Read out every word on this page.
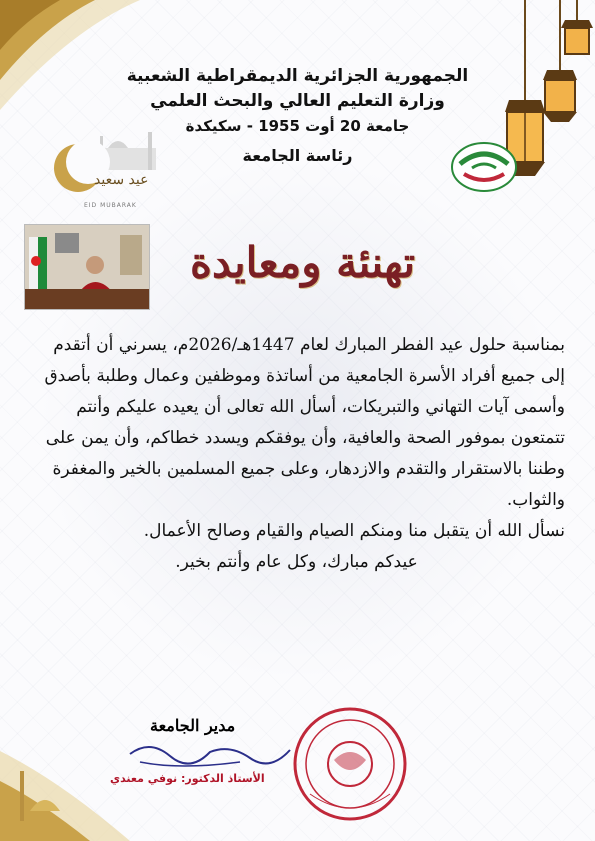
الجمهورية الجزائرية الديمقراطية الشعبية
وزارة التعليم العالي والبحث العلمي
جامعة 20 أوت 1955 - سكيكدة
رئاسة الجامعة
عيد سعيد
EID MUBARAK
تهنئة ومعايدة

بمناسبة حلول عيد الفطر المبارك لعام 1447هـ/2026م، يسرني أن أتقدم إلى جميع أفراد الأسرة الجامعية من أساتذة وموظفين وعمال وطلبة بأصدق وأسمى آيات التهاني والتبريكات، أسأل الله تعالى أن يعيده عليكم وأنتم تتمتعون بموفور الصحة والعافية، وأن يوفقكم ويسدد خطاكم، وأن يمن على وطننا بالاستقرار والتقدم والازدهار، وعلى جميع المسلمين بالخير والمغفرة والثواب.

نسأل الله أن يتقبل منا ومنكم الصيام والقيام وصالح الأعمال.

عيدكم مبارك، وكل عام وأنتم بخير.

مدير الجامعة
الأستاذ الدكتور: نوفي معندي
